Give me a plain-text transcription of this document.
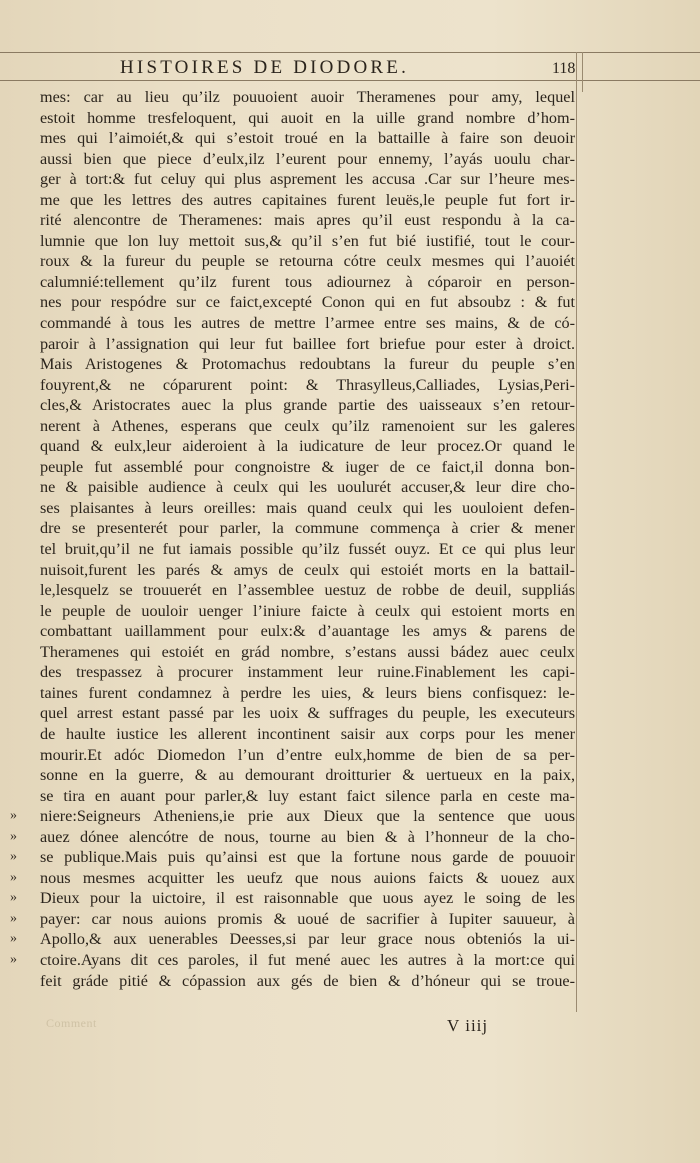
HISTOIRES DE DIODORE.	118
mes: car au lieu qu’ilz pouuoient auoir Theramenes pour amy, lequel
estoit homme tresfeloquent, qui auoit en la uille grand nombre d’hom-
mes qui l’aimoiét,& qui s’estoit troué en la battaille à faire son deuoir
aussi bien que piece d’eulx,ilz l’eurent pour ennemy, l’ayás uoulu char-
ger à tort:& fut celuy qui plus asprement les accusa .Car sur l’heure mes-
me que les lettres des autres capitaines furent leuës,le peuple fut fort ir-
rité alencontre de Theramenes: mais apres qu’il eust respondu à la ca-
lumnie que lon luy mettoit sus,& qu’il s’en fut bié iustifié, tout le cour-
roux & la fureur du peuple se retourna cótre ceulx mesmes qui l’auoiét
calumnié:tellement qu’ilz furent tous adiournez à cóparoir en person-
nes pour respódre sur ce faict,excepté Conon qui en fut absoubz : & fut
commandé à tous les autres de mettre l’armee entre ses mains, & de có-
paroir à l’assignation qui leur fut baillee fort briefue pour ester à droict.
Mais Aristogenes & Protomachus redoubtans la fureur du peuple s’en
fouyrent,& ne cóparurent point: & Thrasylleus,Calliades, Lysias,Peri-
cles,& Aristocrates auec la plus grande partie des uaisseaux s’en retour-
nerent à Athenes, esperans que ceulx qu’ilz ramenoient sur les galeres
quand & eulx,leur aideroient à la iudicature de leur procez.Or quand le
peuple fut assemblé pour congnoistre & iuger de ce faict,il donna bon-
ne & paisible audience à ceulx qui les uoulurét accuser,& leur dire cho-
ses plaisantes à leurs oreilles: mais quand ceulx qui les uouloient defen-
dre se presenterét pour parler, la commune commença à crier & mener
tel bruit,qu’il ne fut iamais possible qu’ilz fussét ouyz. Et ce qui plus leur
nuisoit,furent les parés & amys de ceulx qui estoiét morts en la battail-
le,lesquelz se trouuerét en l’assemblee uestuz de robbe de deuil, suppliás
le peuple de uouloir uenger l’iniure faicte à ceulx qui estoient morts en
combattant uaillamment pour eulx:& d’auantage les amys & parens de
Theramenes qui estoiét en grád nombre, s’estans aussi bádez auec ceulx
des trespassez à procurer instamment leur ruine.Finablement les capi-
taines furent condamnez à perdre les uies, & leurs biens confisquez: le-
quel arrest estant passé par les uoix & suffrages du peuple, les executeurs
de haulte iustice les allerent incontinent saisir aux corps pour les mener
mourir.Et adóc Diomedon l’un d’entre eulx,homme de bien de sa per-
sonne en la guerre, & au demourant droitturier & uertueux en la paix,
se tira en auant pour parler,& luy estant faict silence parla en ceste ma-
»	niere:Seigneurs Atheniens,ie prie aux Dieux que la sentence que uous
»	auez dónee alencótre de nous, tourne au bien & à l’honneur de la cho-
»	se publique.Mais puis qu’ainsi est que la fortune nous garde de pouuoir
»	nous mesmes acquitter les ueufz que nous auions faicts & uouez aux
»	Dieux pour la uictoire, il est raisonnable que uous ayez le soing de les
»	payer: car nous auions promis & uoué de sacrifier à Iupiter sauueur, à
»	Apollo,& aux uenerables Deesses,si par leur grace nous obteniós la ui-
»	ctoire.Ayans dit ces paroles, il fut mené auec les autres à la mort:ce qui
feit gráde pitié & cópassion aux gés de bien & d’hóneur qui se troue-
Comment	V iiij
